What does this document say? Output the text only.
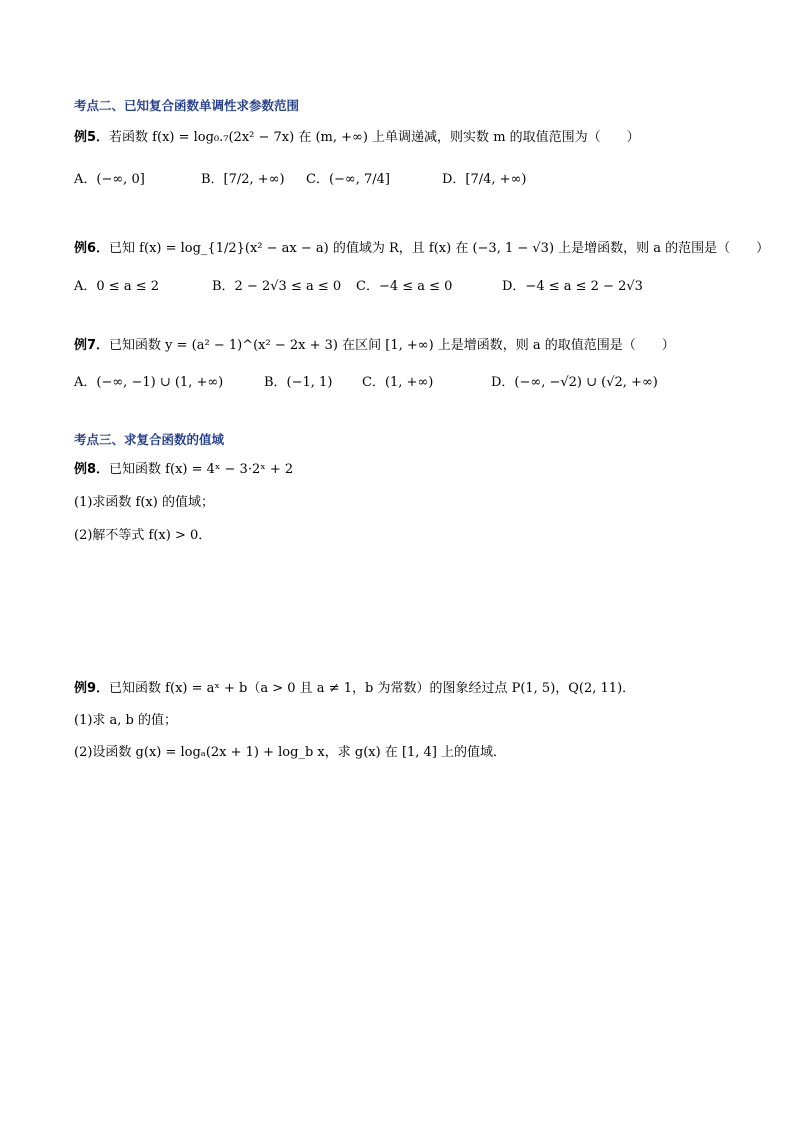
考点二、已知复合函数单调性求参数范围
例5．若函数 f(x) = log₀.₇(2x² − 7x) 在 (m, +∞) 上单调递减，则实数 m 的取值范围为（　　）
A．(−∞, 0]	B．[7/2, +∞) C．(−∞, 7/4]	D．[7/4, +∞)
例6．已知 f(x) = log_{1/2}(x² − ax − a) 的值域为 R，且 f(x) 在 (−3, 1 − √3) 上是增函数，则 a 的范围是（　　）
A．0 ≤ a ≤ 2	B．2 − 2√3 ≤ a ≤ 0 C．−4 ≤ a ≤ 0	D．−4 ≤ a ≤ 2 − 2√3
例7．已知函数 y = (a² − 1)^(x² − 2x + 3) 在区间 [1, +∞) 上是增函数，则 a 的取值范围是（　　）
A．(−∞, −1) ∪ (1, +∞)	B．(−1, 1) C．(1, +∞)	D．(−∞, −√2) ∪ (√2, +∞)
考点三、求复合函数的值域
例8．已知函数 f(x) = 4ˣ − 3·2ˣ + 2
(1)求函数 f(x) 的值域；
(2)解不等式 f(x) > 0．
例9．已知函数 f(x) = aˣ + b（a > 0 且 a ≠ 1，b 为常数）的图象经过点 P(1, 5)，Q(2, 11)．
(1)求 a, b 的值；
(2)设函数 g(x) = logₐ(2x + 1) + log_b x，求 g(x) 在 [1, 4] 上的值域．
